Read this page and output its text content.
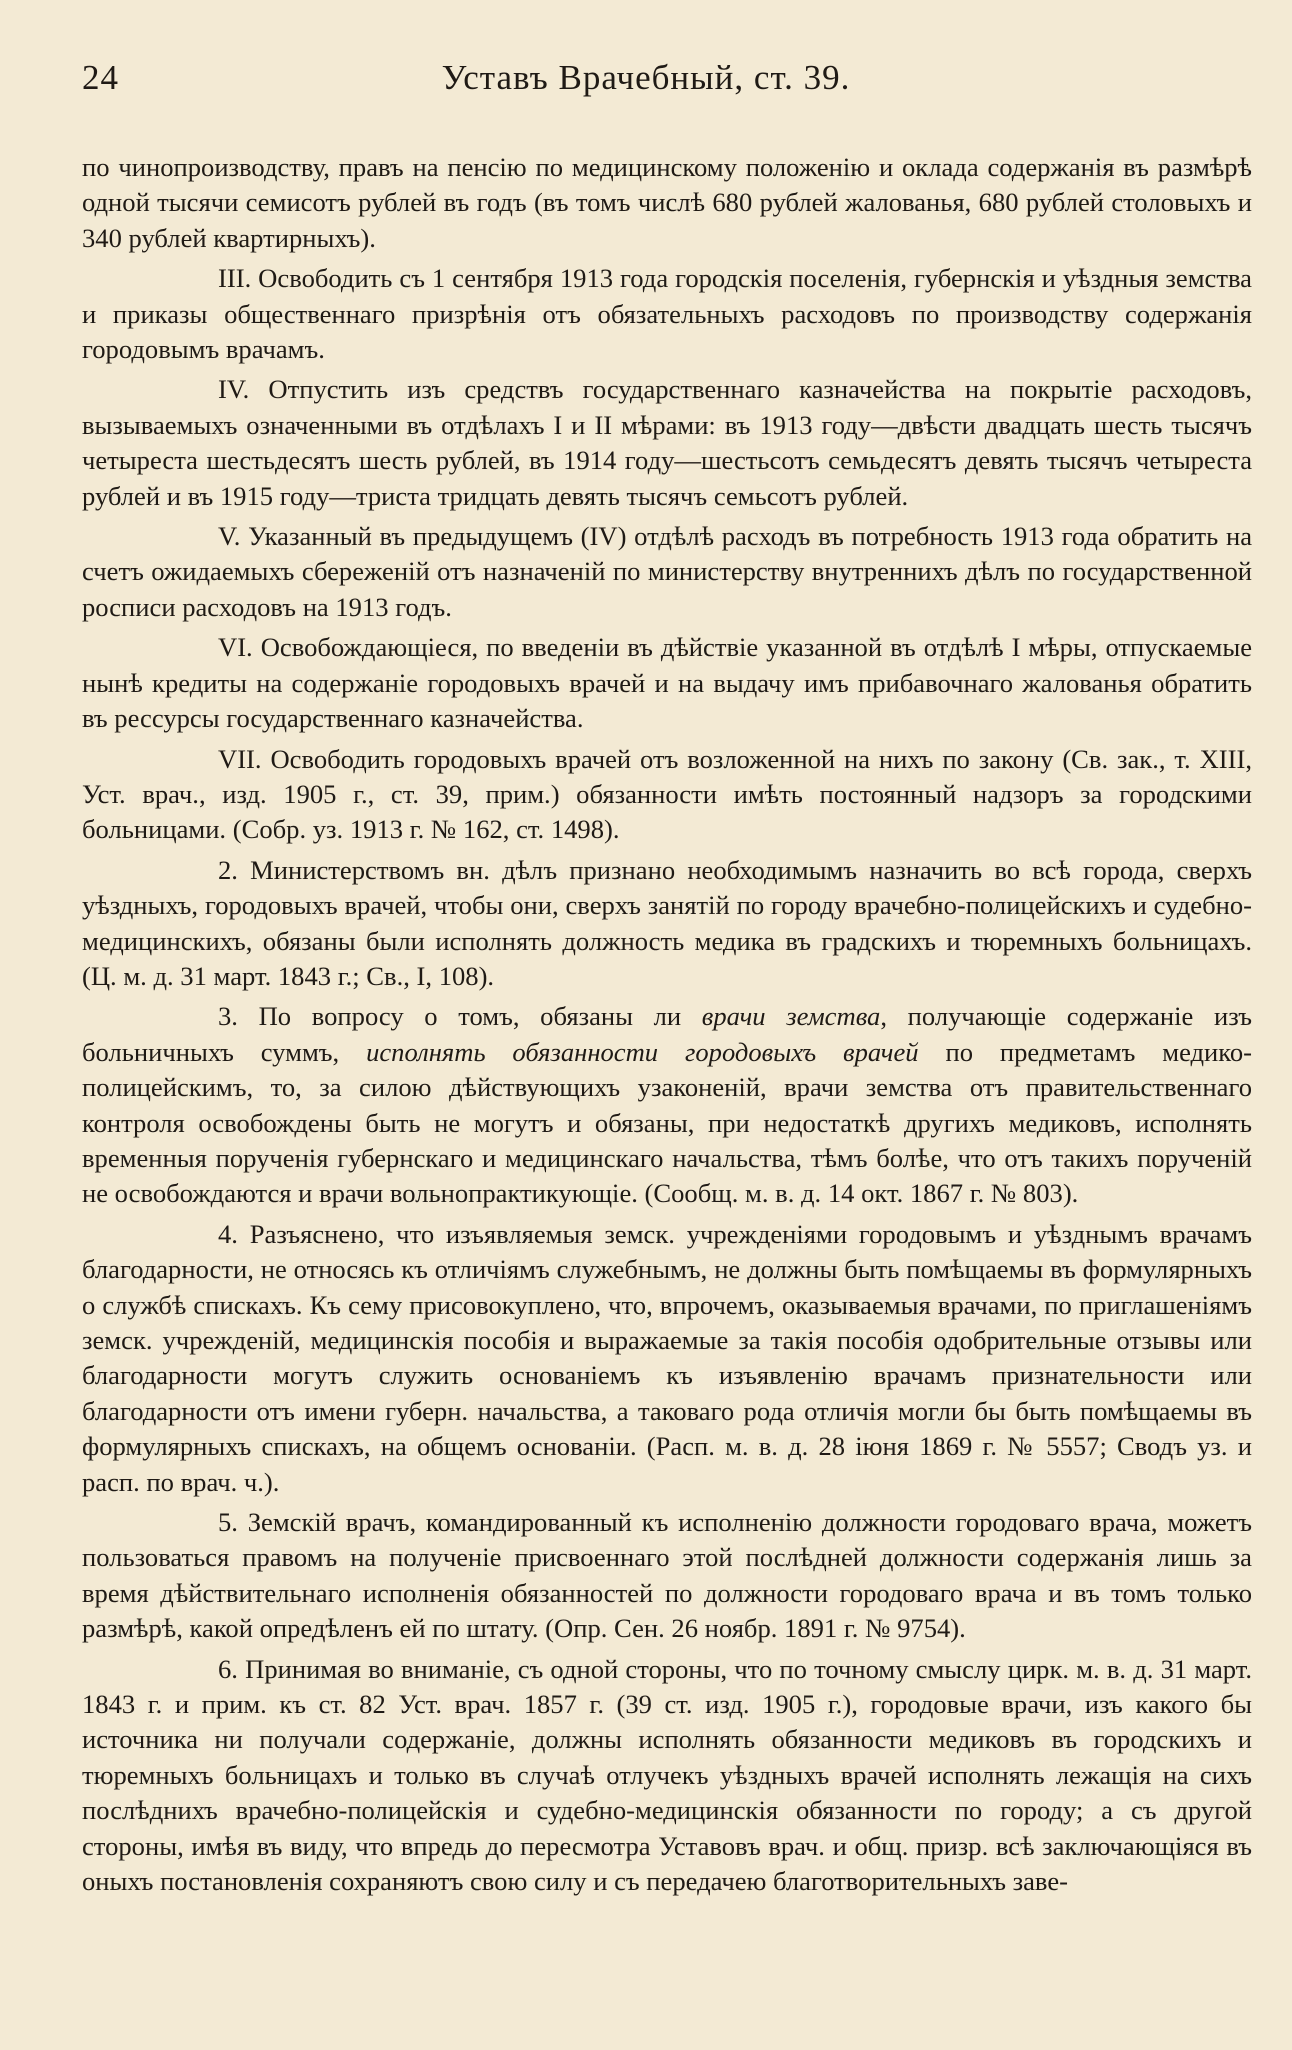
24	Уставъ Врачебный, ст. 39.

по чинопроизводству, правъ на пенсію по медицинскому положенію и оклада содержанія въ размѣрѣ одной тысячи семисотъ рублей въ годъ (въ томъ числѣ 680 рублей жалованья, 680 рублей столовыхъ и 340 рублей квартирныхъ).

III. Освободить съ 1 сентября 1913 года городскія поселенія, губернскія и уѣздныя земства и приказы общественнаго призрѣнія отъ обязательныхъ расходовъ по производству содержанія городовымъ врачамъ.

IV. Отпустить изъ средствъ государственнаго казначейства на покрытіе расходовъ, вызываемыхъ означенными въ отдѣлахъ I и II мѣрами: въ 1913 году—двѣсти двадцать шесть тысячъ четыреста шестьдесятъ шесть рублей, въ 1914 году—шестьсотъ семьдесятъ девять тысячъ четыреста рублей и въ 1915 году—триста тридцать девять тысячъ семьсотъ рублей.

V. Указанный въ предыдущемъ (IV) отдѣлѣ расходъ въ потребность 1913 года обратить на счетъ ожидаемыхъ сбереженій отъ назначеній по министерству внутреннихъ дѣлъ по государственной росписи расходовъ на 1913 годъ.

VI. Освобождающіеся, по введеніи въ дѣйствіе указанной въ отдѣлѣ I мѣры, отпускаемые нынѣ кредиты на содержаніе городовыхъ врачей и на выдачу имъ прибавочнаго жалованья обратить въ рессурсы государственнаго казначейства.

VII. Освободить городовыхъ врачей отъ возложенной на нихъ по закону (Св. зак., т. XIII, Уст. врач., изд. 1905 г., ст. 39, прим.) обязанности имѣть постоянный надзоръ за городскими больницами. (Собр. уз. 1913 г. № 162, ст. 1498).

2. Министерствомъ вн. дѣлъ признано необходимымъ назначить во всѣ города, сверхъ уѣздныхъ, городовыхъ врачей, чтобы они, сверхъ занятій по городу врачебно-полицейскихъ и судебно-медицинскихъ, обязаны были исполнять должность медика въ градскихъ и тюремныхъ больницахъ. (Ц. м. д. 31 март. 1843 г.; Св., I, 108).

3. По вопросу о томъ, обязаны ли врачи земства, получающіе содержаніе изъ больничныхъ суммъ, исполнять обязанности городовыхъ врачей по предметамъ медико-полицейскимъ, то, за силою дѣйствующихъ узаконеній, врачи земства отъ правительственнаго контроля освобождены быть не могутъ и обязаны, при недостаткѣ другихъ медиковъ, исполнять временныя порученія губернскаго и медицинскаго начальства, тѣмъ болѣе, что отъ такихъ порученій не освобождаются и врачи вольнопрактикующіе. (Сообщ. м. в. д. 14 окт. 1867 г. № 803).

4. Разъяснено, что изъявляемыя земск. учрежденіями городовымъ и уѣзднымъ врачамъ благодарности, не относясь къ отличіямъ служебнымъ, не должны быть помѣщаемы въ формулярныхъ о службѣ спискахъ. Къ сему присовокуплено, что, впрочемъ, оказываемыя врачами, по приглашеніямъ земск. учрежденій, медицинскія пособія и выражаемые за такія пособія одобрительные отзывы или благодарности могутъ служить основаніемъ къ изъявленію врачамъ признательности или благодарности отъ имени губерн. начальства, а таковаго рода отличія могли бы быть помѣщаемы въ формулярныхъ спискахъ, на общемъ основаніи. (Расп. м. в. д. 28 іюня 1869 г. № 5557; Сводъ уз. и расп. по врач. ч.).

5. Земскій врачъ, командированный къ исполненію должности городоваго врача, можетъ пользоваться правомъ на полученіе присвоеннаго этой послѣдней должности содержанія лишь за время дѣйствительнаго исполненія обязанностей по должности городоваго врача и въ томъ только размѣрѣ, какой опредѣленъ ей по штату. (Опр. Сен. 26 ноябр. 1891 г. № 9754).

6. Принимая во вниманіе, съ одной стороны, что по точному смыслу цирк. м. в. д. 31 март. 1843 г. и прим. къ ст. 82 Уст. врач. 1857 г. (39 ст. изд. 1905 г.), городовые врачи, изъ какого бы источника ни получали содержаніе, должны исполнять обязанности медиковъ въ городскихъ и тюремныхъ больницахъ и только въ случаѣ отлучекъ уѣздныхъ врачей исполнять лежащія на сихъ послѣднихъ врачебно-полицейскія и судебно-медицинскія обязанности по городу; а съ другой стороны, имѣя въ виду, что впредь до пересмотра Уставовъ врач. и общ. призр. всѣ заключающіяся въ оныхъ постановленія сохраняютъ свою силу и съ передачею благотворительныхъ заве-
